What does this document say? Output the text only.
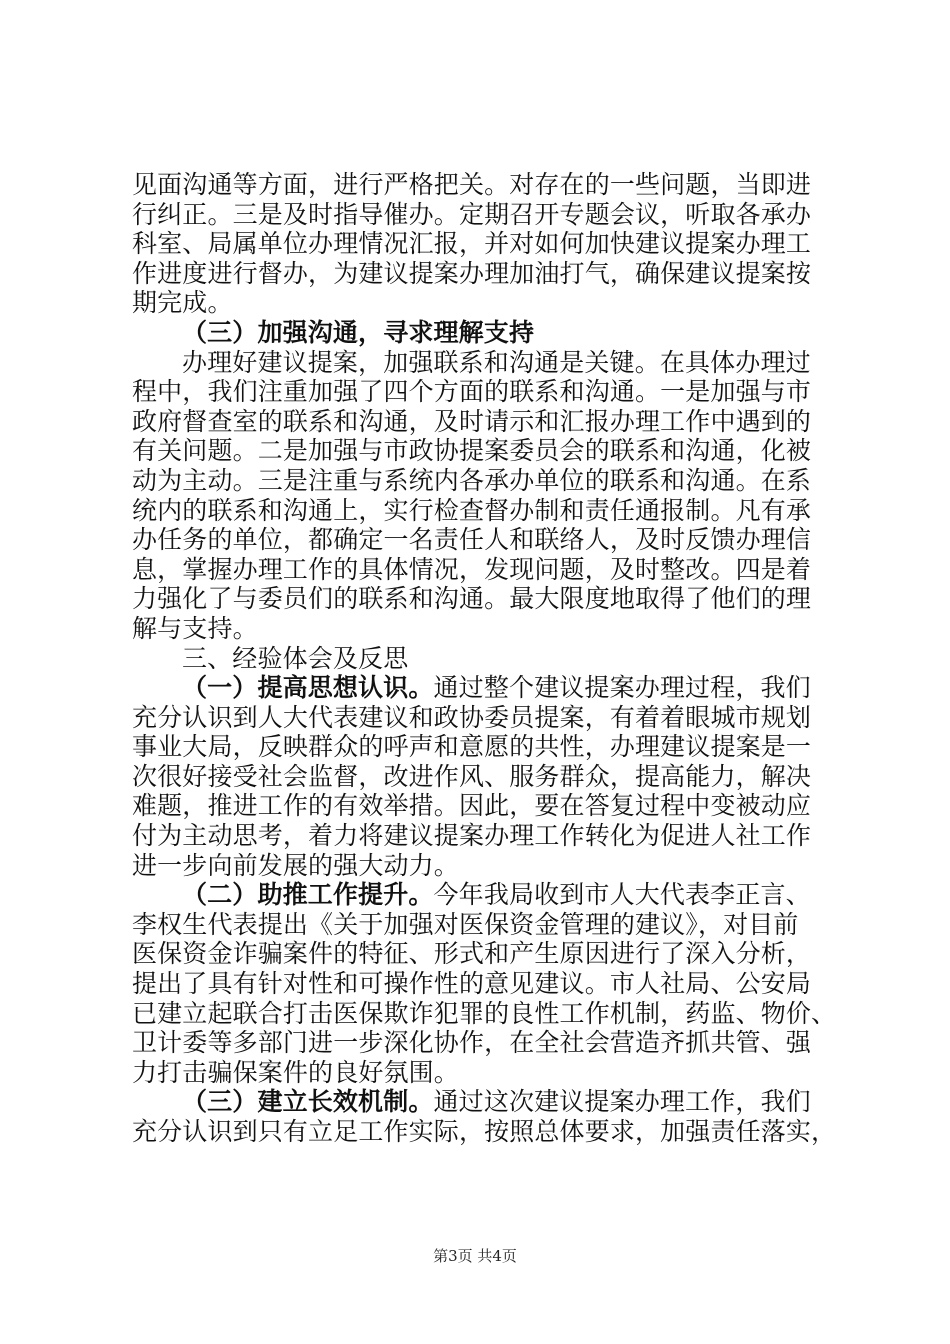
见面沟通等方面，进行严格把关。对存在的一些问题，当即进
行纠正。三是及时指导催办。定期召开专题会议，听取各承办
科室、局属单位办理情况汇报，并对如何加快建议提案办理工
作进度进行督办，为建议提案办理加油打气，确保建议提案按
期完成。
（三）加强沟通，寻求理解支持
办理好建议提案，加强联系和沟通是关键。在具体办理过
程中，我们注重加强了四个方面的联系和沟通。一是加强与市
政府督查室的联系和沟通，及时请示和汇报办理工作中遇到的
有关问题。二是加强与市政协提案委员会的联系和沟通，化被
动为主动。三是注重与系统内各承办单位的联系和沟通。在系
统内的联系和沟通上，实行检查督办制和责任通报制。凡有承
办任务的单位，都确定一名责任人和联络人，及时反馈办理信
息，掌握办理工作的具体情况，发现问题，及时整改。四是着
力强化了与委员们的联系和沟通。最大限度地取得了他们的理
解与支持。
三、经验体会及反思
（一）提高思想认识。通过整个建议提案办理过程，我们
充分认识到人大代表建议和政协委员提案，有着着眼城市规划
事业大局，反映群众的呼声和意愿的共性，办理建议提案是一
次很好接受社会监督，改进作风、服务群众，提高能力，解决
难题，推进工作的有效举措。因此，要在答复过程中变被动应
付为主动思考，着力将建议提案办理工作转化为促进人社工作
进一步向前发展的强大动力。
（二）助推工作提升。今年我局收到市人大代表李正言、
李权生代表提出《关于加强对医保资金管理的建议》，对目前
医保资金诈骗案件的特征、形式和产生原因进行了深入分析，
提出了具有针对性和可操作性的意见建议。市人社局、公安局
已建立起联合打击医保欺诈犯罪的良性工作机制，药监、物价、
卫计委等多部门进一步深化协作，在全社会营造齐抓共管、强
力打击骗保案件的良好氛围。
（三）建立长效机制。通过这次建议提案办理工作，我们
充分认识到只有立足工作实际，按照总体要求，加强责任落实，
第3页 共4页
